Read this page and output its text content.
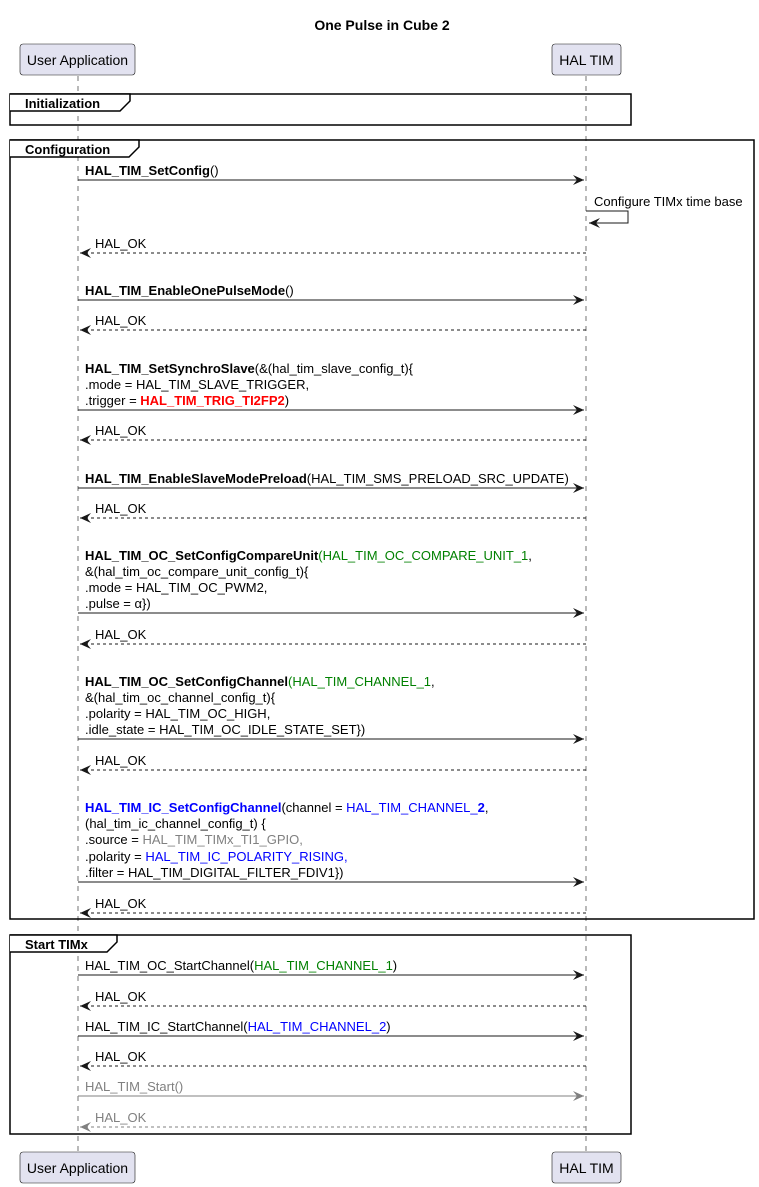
One Pulse in Cube 2
User Application	HAL TIM
User Application	HAL TIM
Initialization
Configuration
Start TIMx
HAL_TIM_SetConfig()
Configure TIMx time base
HAL_OK
HAL_TIM_EnableOnePulseMode()
HAL_OK
HAL_TIM_SetSynchroSlave(&(hal_tim_slave_config_t){
.mode = HAL_TIM_SLAVE_TRIGGER,
.trigger = HAL_TIM_TRIG_TI2FP2)
HAL_OK
HAL_TIM_EnableSlaveModePreload(HAL_TIM_SMS_PRELOAD_SRC_UPDATE)
HAL_OK
HAL_TIM_OC_SetConfigCompareUnit(HAL_TIM_OC_COMPARE_UNIT_1,
&(hal_tim_oc_compare_unit_config_t){
.mode = HAL_TIM_OC_PWM2,
.pulse = α})
HAL_OK
HAL_TIM_OC_SetConfigChannel(HAL_TIM_CHANNEL_1,
&(hal_tim_oc_channel_config_t){
.polarity = HAL_TIM_OC_HIGH,
.idle_state = HAL_TIM_OC_IDLE_STATE_SET})
HAL_OK
HAL_TIM_IC_SetConfigChannel(channel = HAL_TIM_CHANNEL_2,
(hal_tim_ic_channel_config_t) {
.source = HAL_TIM_TIMx_TI1_GPIO,
.polarity = HAL_TIM_IC_POLARITY_RISING,
.filter = HAL_TIM_DIGITAL_FILTER_FDIV1})
HAL_OK
HAL_TIM_OC_StartChannel(HAL_TIM_CHANNEL_1)
HAL_OK
HAL_TIM_IC_StartChannel(HAL_TIM_CHANNEL_2)
HAL_OK
HAL_TIM_Start()
HAL_OK
